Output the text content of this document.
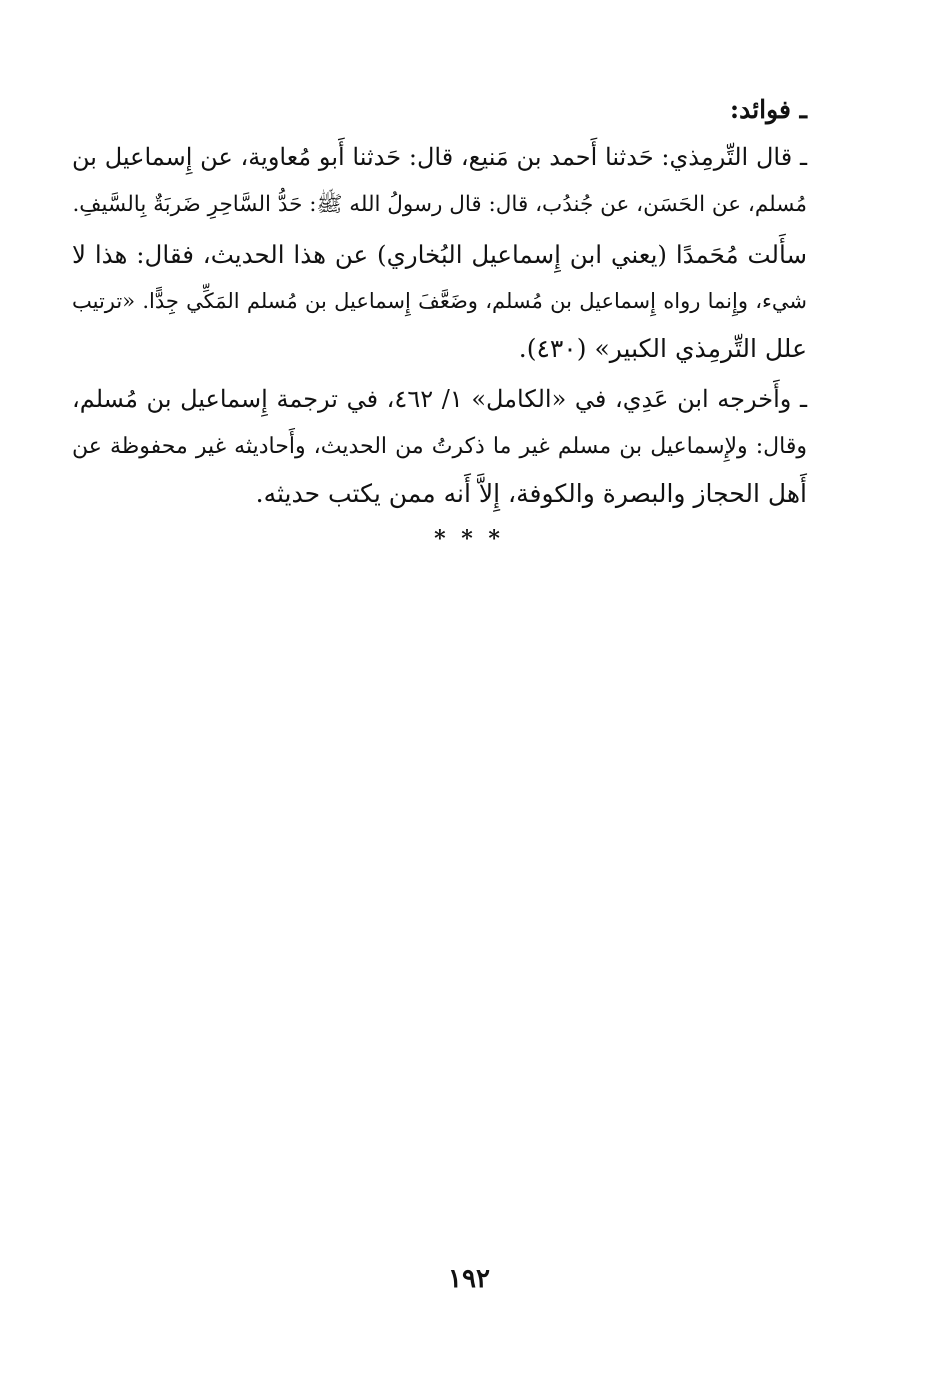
ـ فوائد:
ـ قال التِّرمِذي: حَدثنا أَحمد بن مَنيع، قال: حَدثنا أَبو مُعاوية، عن إِسماعيل بن
مُسلم، عن الحَسَن، عن جُندُب، قال: قال رسولُ الله ﷺ: حَدُّ السَّاحِرِ ضَربَةٌ بِالسَّيفِ.
سأَلت مُحَمدًا (يعني ابن إِسماعيل البُخاري) عن هذا الحديث، فقال: هذا لا
شيء، وإِنما رواه إِسماعيل بن مُسلم، وضَعَّفَ إِسماعيل بن مُسلم المَكِّي جِدًّا. «ترتيب
علل التِّرمِذي الكبير» (٤٣٠).
ـ وأَخرجه ابن عَدِي، في «الكامل» ١/ ٤٦٢، في ترجمة إِسماعيل بن مُسلم،
وقال: ولإِسماعيل بن مسلم غير ما ذكرتُ من الحديث، وأَحاديثه غير محفوظة عن
أَهل الحجاز والبصرة والكوفة، إِلاَّ أَنه ممن يكتب حديثه.
* * *
١٩٢
